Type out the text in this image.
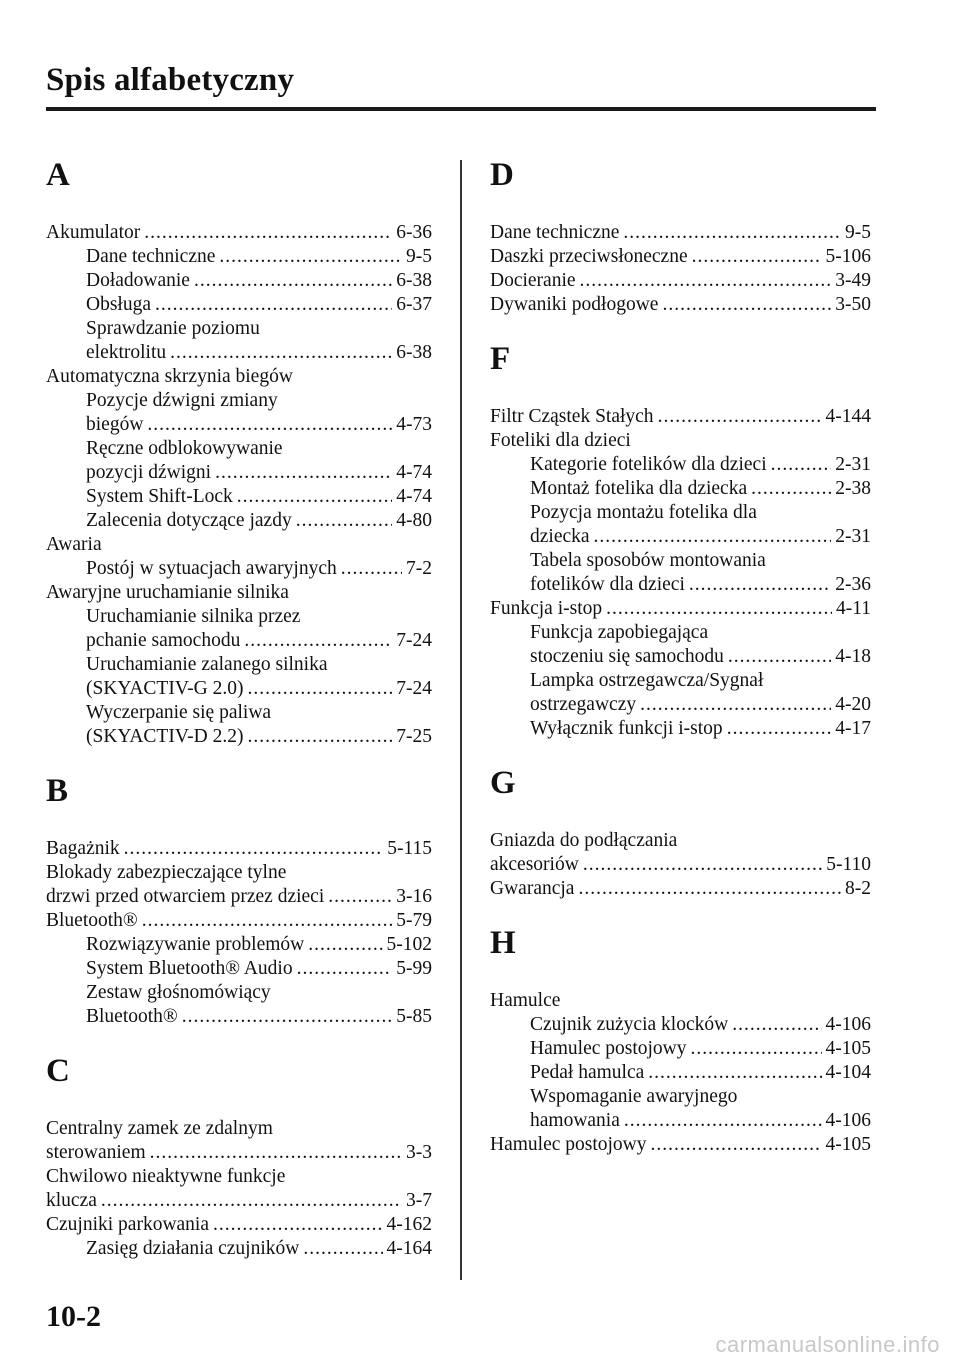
Spis alfabetyczny
A
Akumulator .....	6-36
Dane techniczne .....	9-5
Doładowanie .....	6-38
Obsługa .....	6-37
Sprawdzanie poziomu
elektrolitu .....	6-38
Automatyczna skrzynia biegów
Pozycje dźwigni zmiany
biegów .....	4-73
Ręczne odblokowywanie
pozycji dźwigni .....	4-74
System Shift-Lock .....	4-74
Zalecenia dotyczące jazdy .....	4-80
Awaria
Postój w sytuacjach awaryjnych .....	7-2
Awaryjne uruchamianie silnika
Uruchamianie silnika przez
pchanie samochodu .....	7-24
Uruchamianie zalanego silnika
(SKYACTIV-G 2.0) .....	7-24
Wyczerpanie się paliwa
(SKYACTIV-D 2.2) .....	7-25
B
Bagażnik .....	5-115
Blokady zabezpieczające tylne
drzwi przed otwarciem przez dzieci .....	3-16
Bluetooth® .....	5-79
Rozwiązywanie problemów .....	5-102
System Bluetooth® Audio .....	5-99
Zestaw głośnomówiący
Bluetooth® .....	5-85
C
Centralny zamek ze zdalnym
sterowaniem .....	3-3
Chwilowo nieaktywne funkcje
klucza .....	3-7
Czujniki parkowania .....	4-162
Zasięg działania czujników .....	4-164
D
Dane techniczne .....	9-5
Daszki przeciwsłoneczne .....	5-106
Docieranie .....	3-49
Dywaniki podłogowe .....	3-50
F
Filtr Cząstek Stałych .....	4-144
Foteliki dla dzieci
Kategorie fotelików dla dzieci .....	2-31
Montaż fotelika dla dziecka .....	2-38
Pozycja montażu fotelika dla
dziecka .....	2-31
Tabela sposobów montowania
fotelików dla dzieci .....	2-36
Funkcja i-stop .....	4-11
Funkcja zapobiegająca
stoczeniu się samochodu .....	4-18
Lampka ostrzegawcza/Sygnał
ostrzegawczy .....	4-20
Wyłącznik funkcji i-stop .....	4-17
G
Gniazda do podłączania
akcesoriów .....	5-110
Gwarancja .....	8-2
H
Hamulce
Czujnik zużycia klocków .....	4-106
Hamulec postojowy .....	4-105
Pedał hamulca .....	4-104
Wspomaganie awaryjnego
hamowania .....	4-106
Hamulec postojowy .....	4-105
10-2
carmanualsonline.info
